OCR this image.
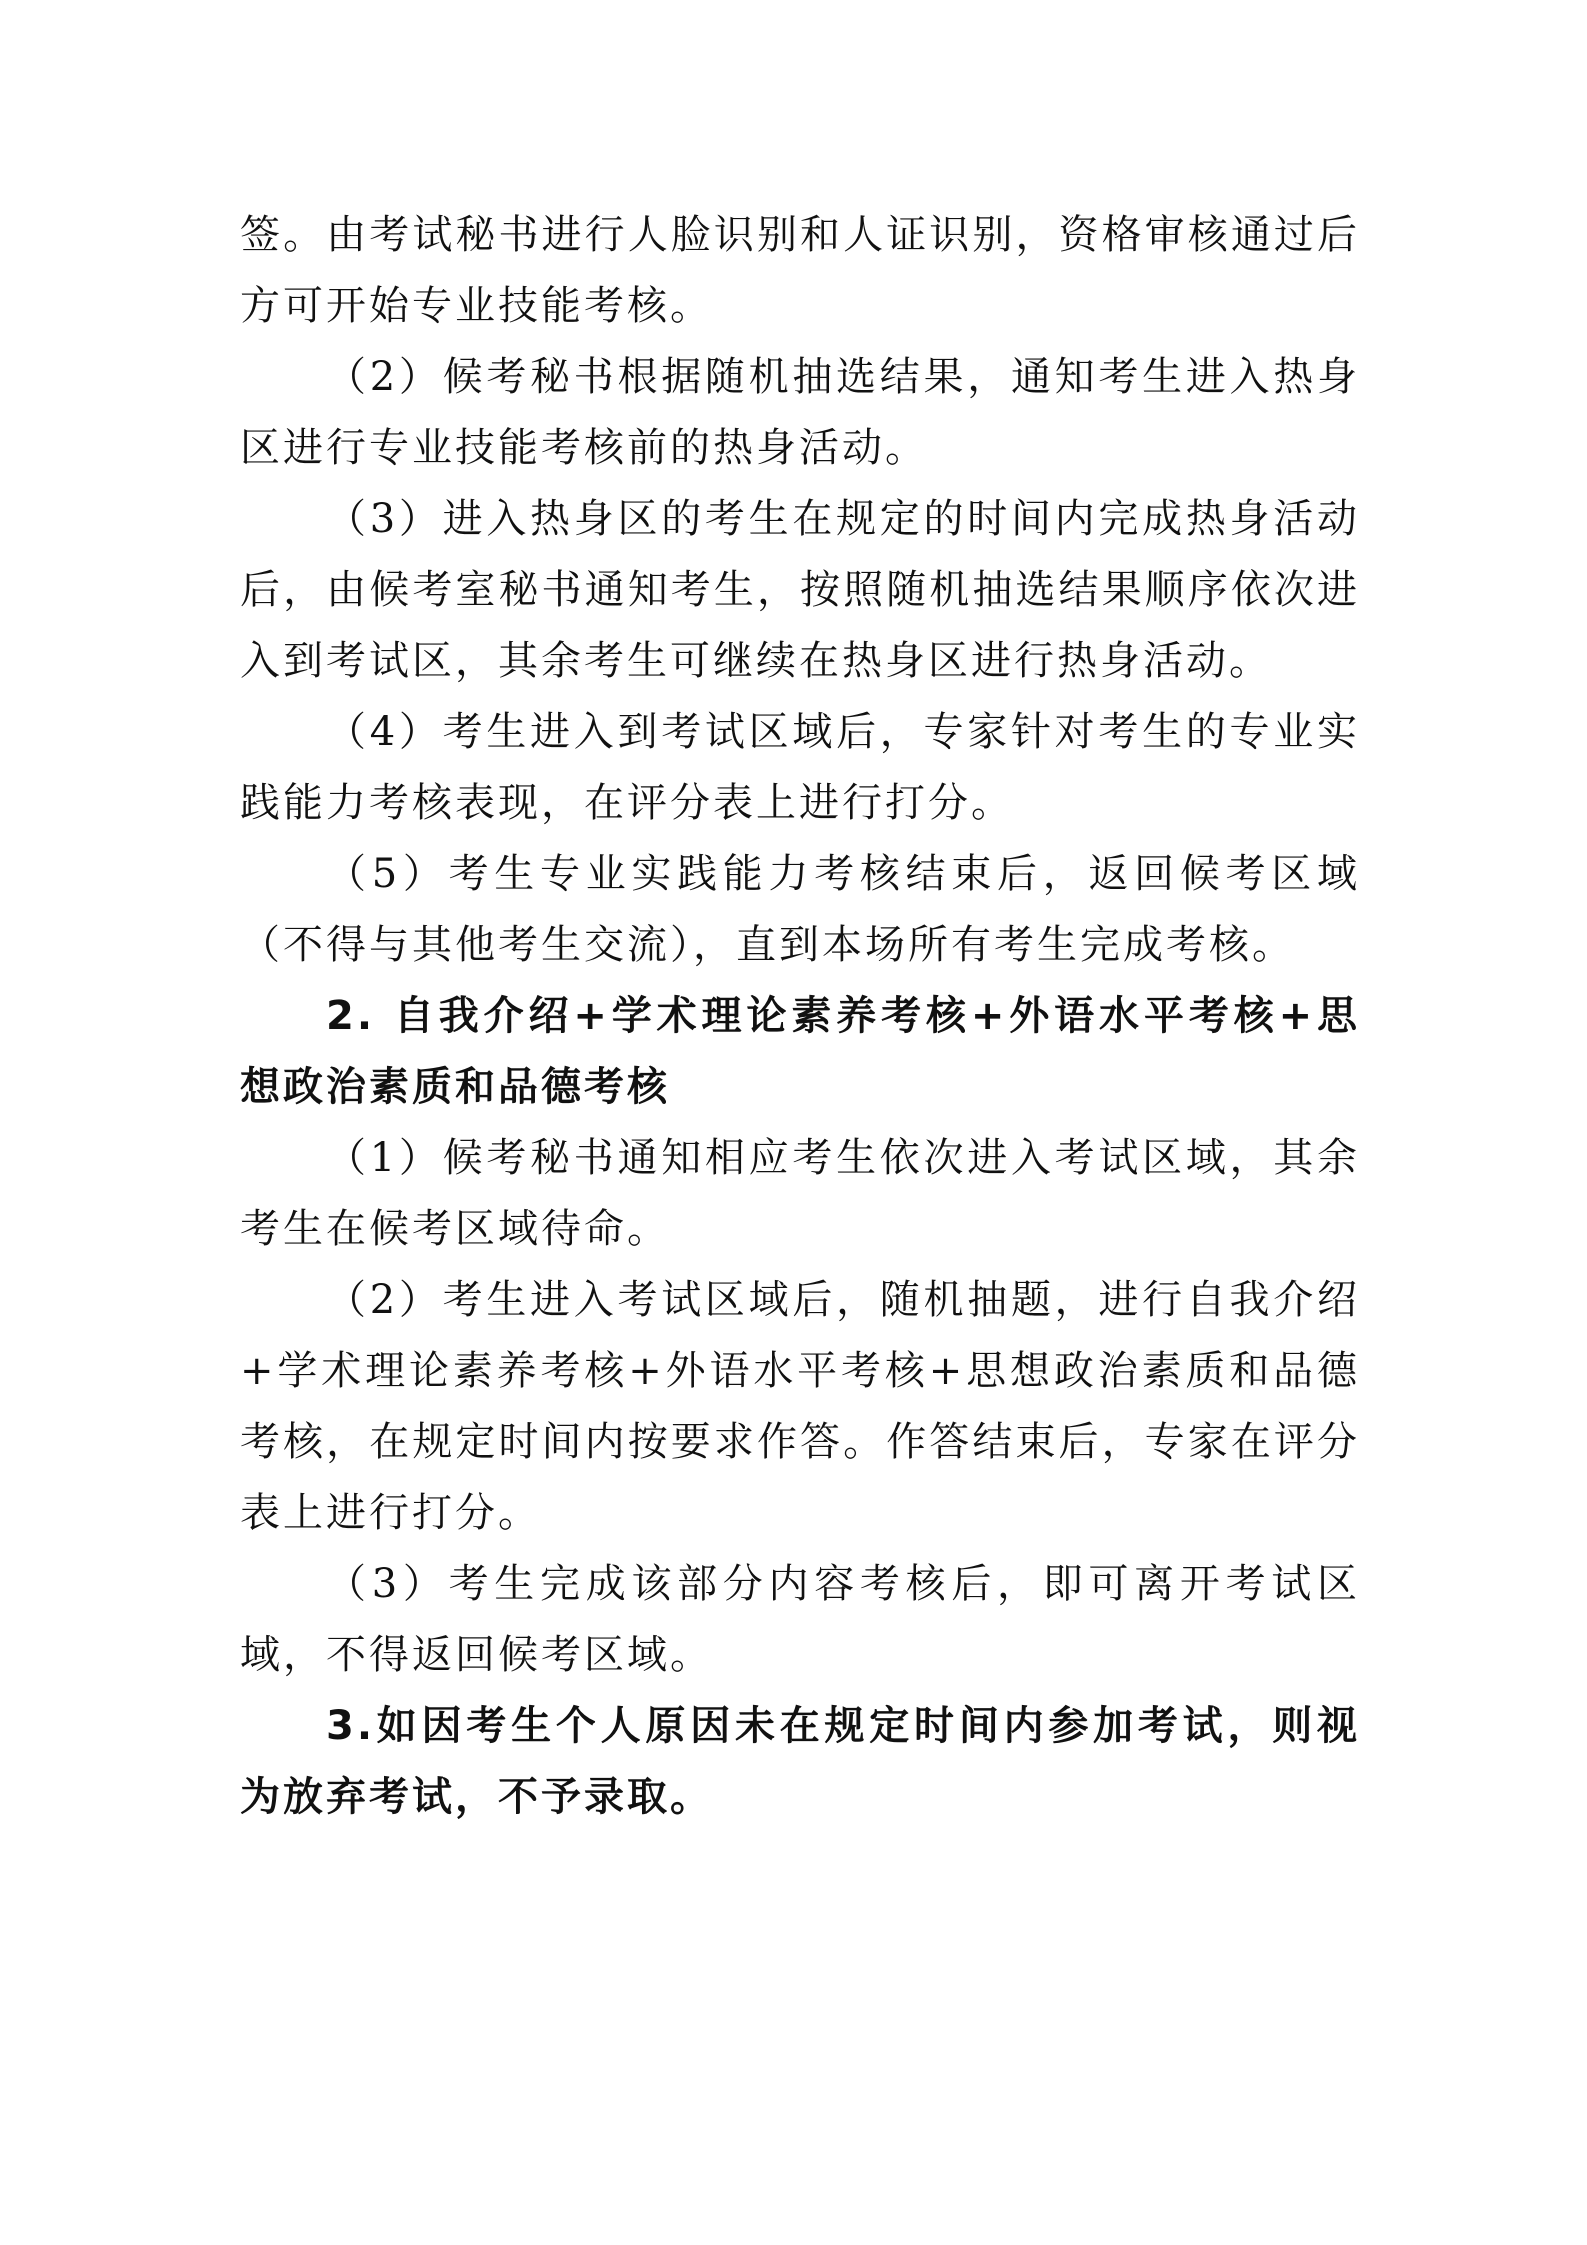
签。由考试秘书进行人脸识别和人证识别，资格审核通过后方可开始专业技能考核。

（2）候考秘书根据随机抽选结果，通知考生进入热身区进行专业技能考核前的热身活动。

（3）进入热身区的考生在规定的时间内完成热身活动后，由候考室秘书通知考生，按照随机抽选结果顺序依次进入到考试区，其余考生可继续在热身区进行热身活动。

（4）考生进入到考试区域后，专家针对考生的专业实践能力考核表现，在评分表上进行打分。

（5）考生专业实践能力考核结束后，返回候考区域（不得与其他考生交流），直到本场所有考生完成考核。

2. 自我介绍+学术理论素养考核+外语水平考核+思想政治素质和品德考核

（1）候考秘书通知相应考生依次进入考试区域，其余考生在候考区域待命。

（2）考生进入考试区域后，随机抽题，进行自我介绍+学术理论素养考核+外语水平考核+思想政治素质和品德考核，在规定时间内按要求作答。作答结束后，专家在评分表上进行打分。

（3）考生完成该部分内容考核后，即可离开考试区域，不得返回候考区域。

3.如因考生个人原因未在规定时间内参加考试，则视为放弃考试，不予录取。
